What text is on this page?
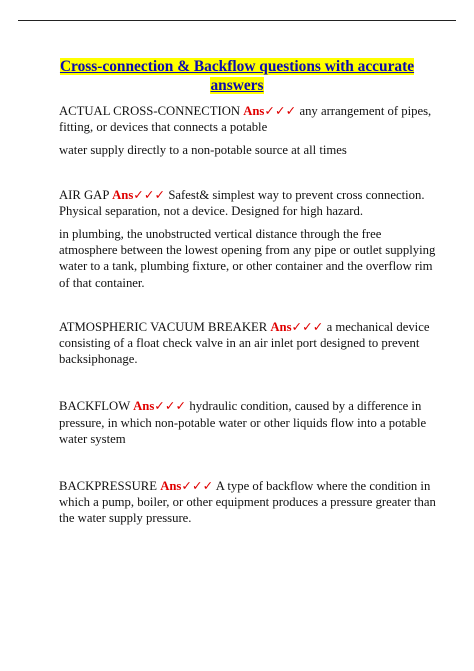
Cross-connection & Backflow questions with accurate answers

ACTUAL CROSS-CONNECTION Ans✓✓✓ any arrangement of pipes, fitting, or devices that connects a potable

water supply directly to a non-potable source at all times

AIR GAP Ans✓✓✓ Safest& simplest way to prevent cross connection. Physical separation, not a device. Designed for high hazard.

in plumbing, the unobstructed vertical distance through the free atmosphere between the lowest opening from any pipe or outlet supplying water to a tank, plumbing fixture, or other container and the overflow rim of that container.

ATMOSPHERIC VACUUM BREAKER Ans✓✓✓ a mechanical device consisting of a float check valve in an air inlet port designed to prevent backsiphonage.

BACKFLOW Ans✓✓✓ hydraulic condition, caused by a difference in pressure, in which non-potable water or other liquids flow into a potable water system

BACKPRESSURE Ans✓✓✓ A type of backflow where the condition in which a pump, boiler, or other equipment produces a pressure greater than the water supply pressure.
